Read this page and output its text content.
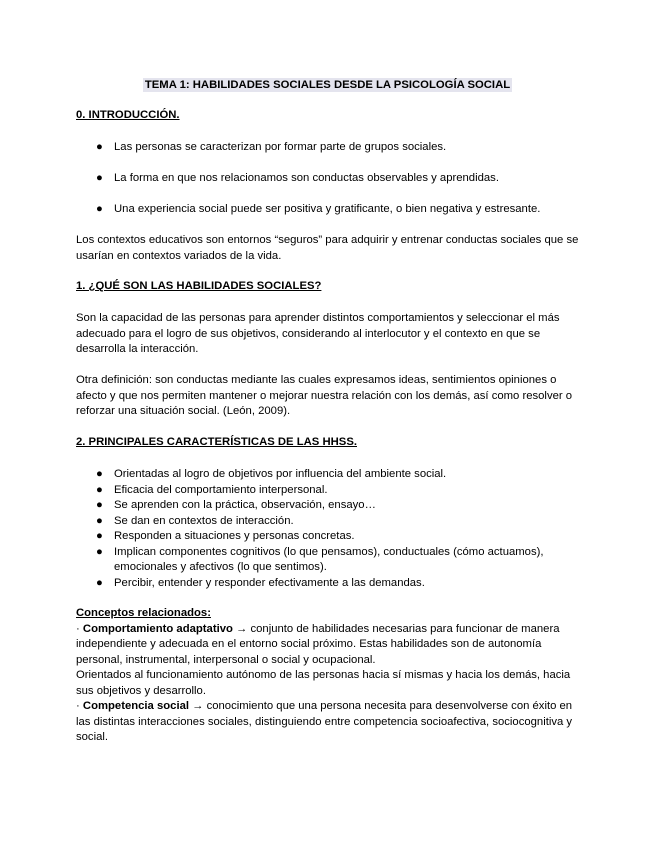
TEMA 1: HABILIDADES SOCIALES DESDE LA PSICOLOGÍA SOCIAL

0. INTRODUCCIÓN.

● Las personas se caracterizan por formar parte de grupos sociales.

● La forma en que nos relacionamos son conductas observables y aprendidas.

● Una experiencia social puede ser positiva y gratificante, o bien negativa y estresante.

Los contextos educativos son entornos “seguros” para adquirir y entrenar conductas sociales que se usarían en contextos variados de la vida.

1. ¿QUÉ SON LAS HABILIDADES SOCIALES?

Son la capacidad de las personas para aprender distintos comportamientos y seleccionar el más adecuado para el logro de sus objetivos, considerando al interlocutor y el contexto en que se desarrolla la interacción.

Otra definición: son conductas mediante las cuales expresamos ideas, sentimientos opiniones o afecto y que nos permiten mantener o mejorar nuestra relación con los demás, así como resolver o reforzar una situación social. (León, 2009).

2. PRINCIPALES CARACTERÍSTICAS DE LAS HHSS.

● Orientadas al logro de objetivos por influencia del ambiente social.

● Eficacia del comportamiento interpersonal.

● Se aprenden con la práctica, observación, ensayo…

● Se dan en contextos de interacción.

● Responden a situaciones y personas concretas.

● Implican componentes cognitivos (lo que pensamos), conductuales (cómo actuamos), emocionales y afectivos (lo que sentimos).

● Percibir, entender y responder efectivamente a las demandas.

Conceptos relacionados:

· Comportamiento adaptativo → conjunto de habilidades necesarias para funcionar de manera independiente y adecuada en el entorno social próximo. Estas habilidades son de autonomía personal, instrumental, interpersonal o social y ocupacional.

Orientados al funcionamiento autónomo de las personas hacia sí mismas y hacia los demás, hacia sus objetivos y desarrollo.

· Competencia social → conocimiento que una persona necesita para desenvolverse con éxito en las distintas interacciones sociales, distinguiendo entre competencia socioafectiva, sociocognitiva y social.
